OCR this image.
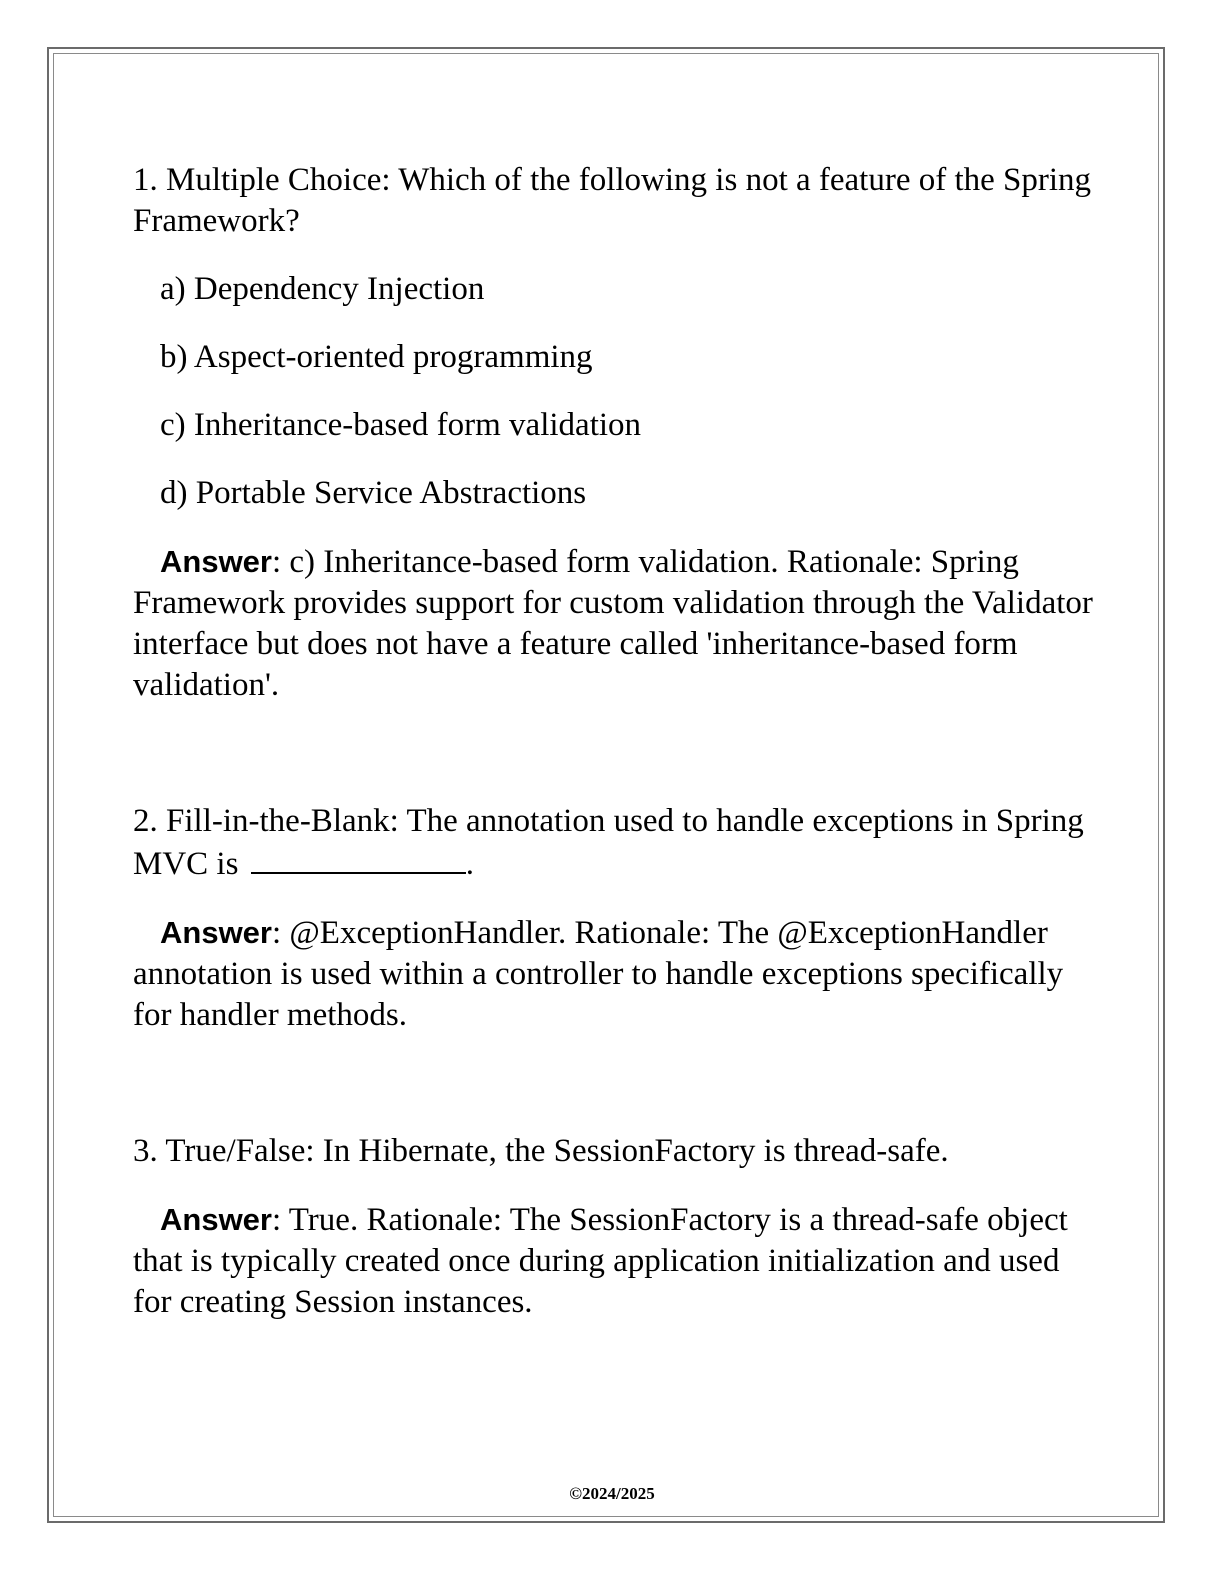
1. Multiple Choice: Which of the following is not a feature of the Spring Framework?

a) Dependency Injection
b) Aspect-oriented programming
c) Inheritance-based form validation
d) Portable Service Abstractions
Answer: c) Inheritance-based form validation. Rationale: Spring Framework provides support for custom validation through the Validator interface but does not have a feature called 'inheritance-based form validation'.

2. Fill-in-the-Blank: The annotation used to handle exceptions in Spring MVC is	.

Answer: @ExceptionHandler. Rationale: The @ExceptionHandler annotation is used within a controller to handle exceptions specifically for handler methods.

3. True/False: In Hibernate, the SessionFactory is thread-safe.

Answer: True. Rationale: The SessionFactory is a thread-safe object that is typically created once during application initialization and used for creating Session instances.
©2024/2025
